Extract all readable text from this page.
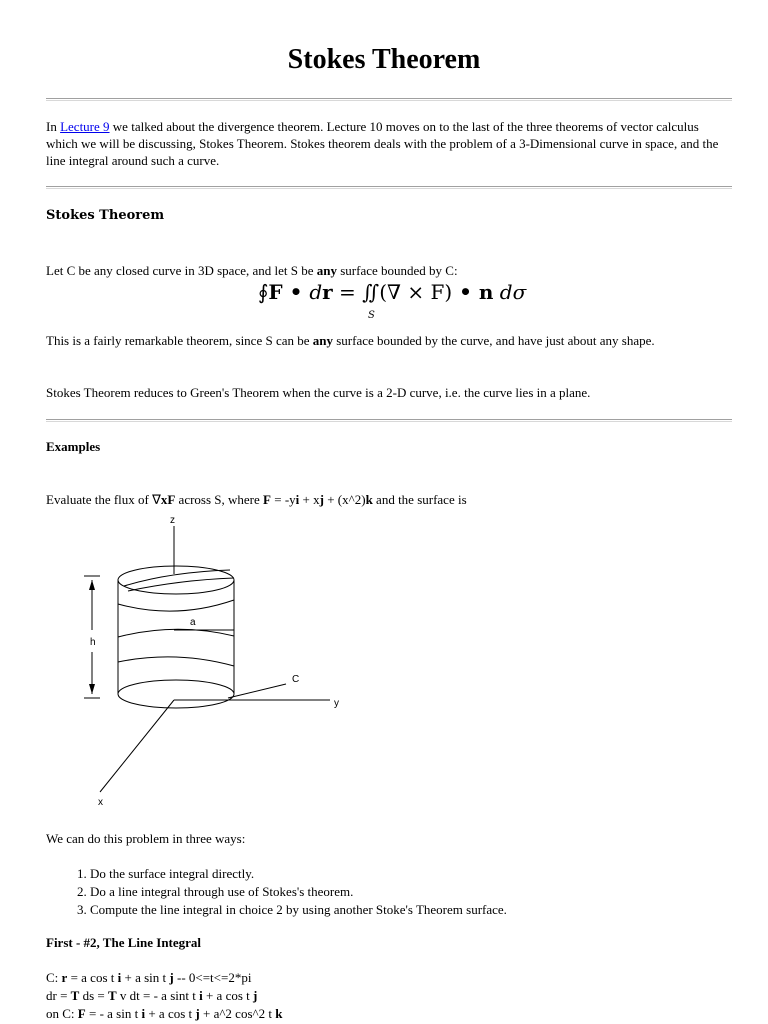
Stokes Theorem
In Lecture 9 we talked about the divergence theorem. Lecture 10 moves on to the last of the three theorems of vector calculus which we will be discussing, Stokes Theorem. Stokes theorem deals with the problem of a 3-Dimensional curve in space, and the line integral around such a curve.
Stokes Theorem
Let C be any closed curve in 3D space, and let S be any surface bounded by C:
∮F • dr = ∬(∇ × F) • n dσ
S
This is a fairly remarkable theorem, since S can be any surface bounded by the curve, and have just about any shape.
Stokes Theorem reduces to Green's Theorem when the curve is a 2-D curve, i.e. the curve lies in a plane.
Examples
Evaluate the flux of ∇xF across S, where F = -yi + xj + (x^2)k and the surface is
z
a
h
y
C
x
We can do this problem in three ways:
1. Do the surface integral directly.
2. Do a line integral through use of Stokes's theorem.
3. Compute the line integral in choice 2 by using another Stoke's Theorem surface.
First - #2, The Line Integral
C: r = a cos t i + a sin t j -- 0<=t<=2*pi
dr = T ds = T v dt = - a sint t i + a cos t j
on C: F = - a sin t i + a cos t j + a^2 cos^2 t k
